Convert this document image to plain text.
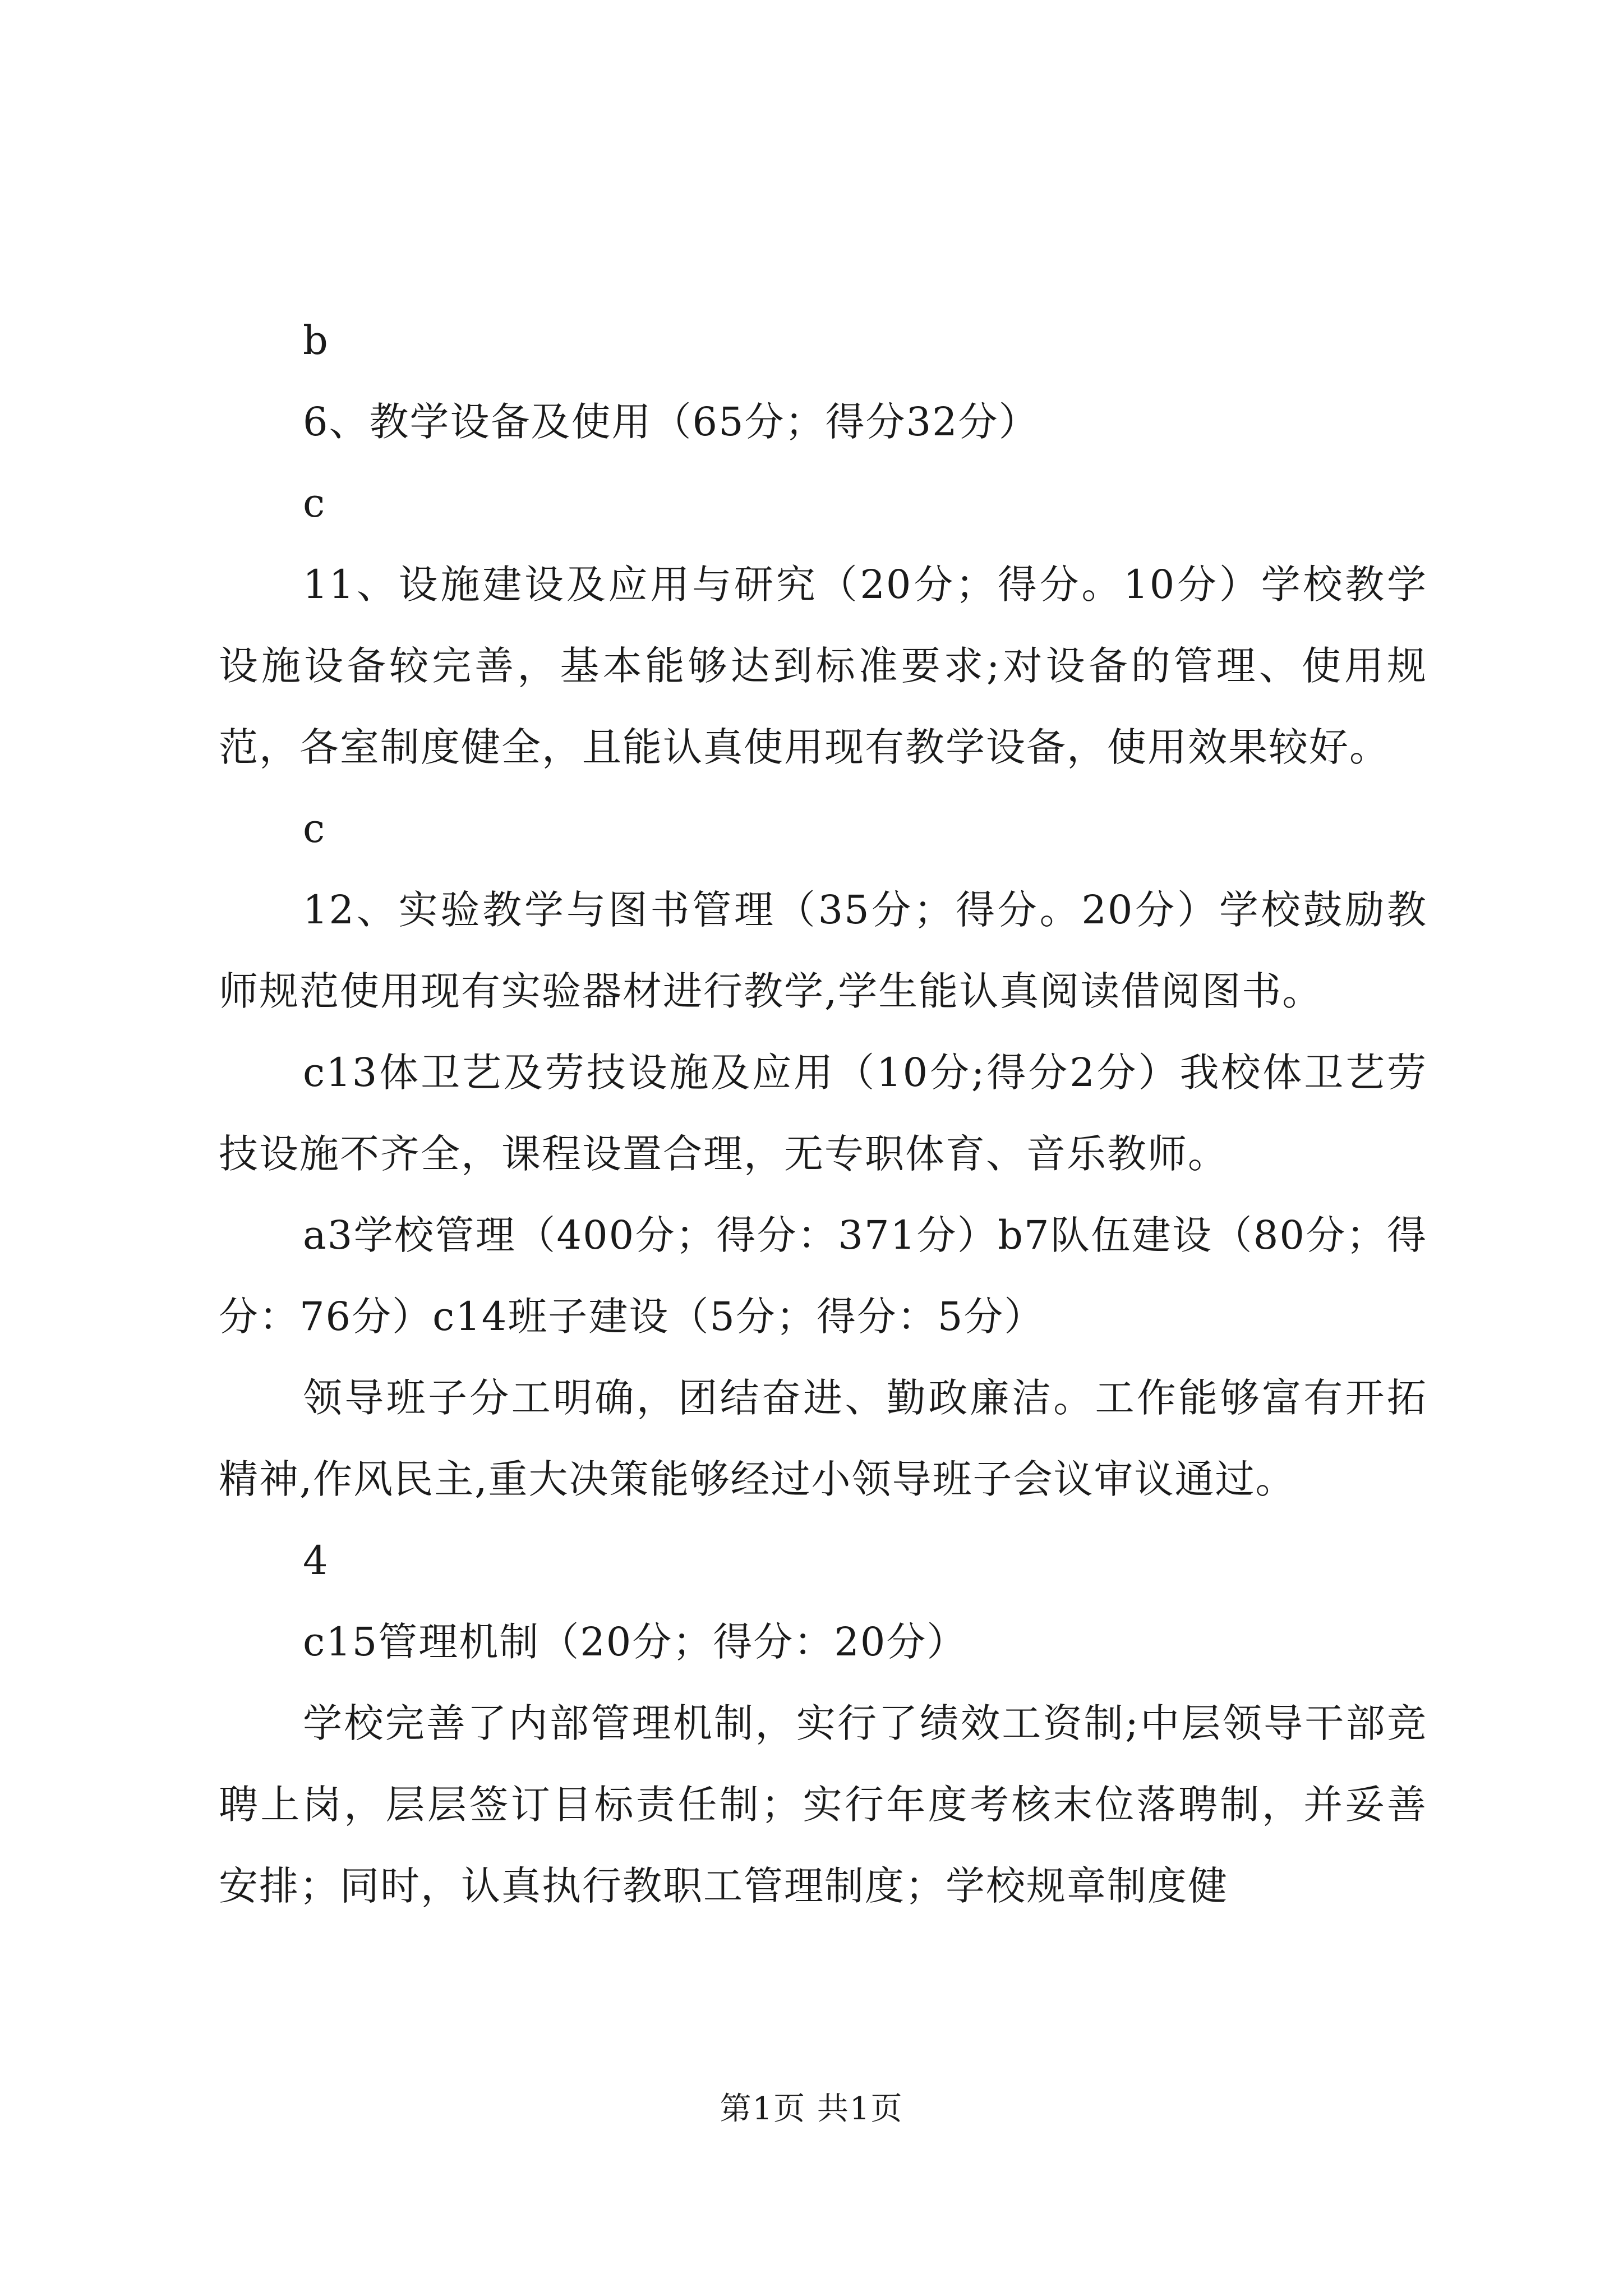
b

6、教学设备及使用（65分；得分32分）

c

11、设施建设及应用与研究（20分；得分。10分）学校教学设施设备较完善，基本能够达到标准要求;对设备的管理、使用规范，各室制度健全，且能认真使用现有教学设备，使用效果较好。

c

12、实验教学与图书管理（35分；得分。20分）学校鼓励教师规范使用现有实验器材进行教学,学生能认真阅读借阅图书。

c13体卫艺及劳技设施及应用（10分;得分2分）我校体卫艺劳技设施不齐全，课程设置合理，无专职体育、音乐教师。

a3学校管理（400分；得分：371分）b7队伍建设（80分；得分：76分）c14班子建设（5分；得分：5分）

领导班子分工明确，团结奋进、勤政廉洁。工作能够富有开拓精神,作风民主,重大决策能够经过小领导班子会议审议通过。

4

c15管理机制（20分；得分：20分）

学校完善了内部管理机制，实行了绩效工资制;中层领导干部竞聘上岗，层层签订目标责任制；实行年度考核末位落聘制，并妥善安排；同时，认真执行教职工管理制度；学校规章制度健

第1页 共1页
